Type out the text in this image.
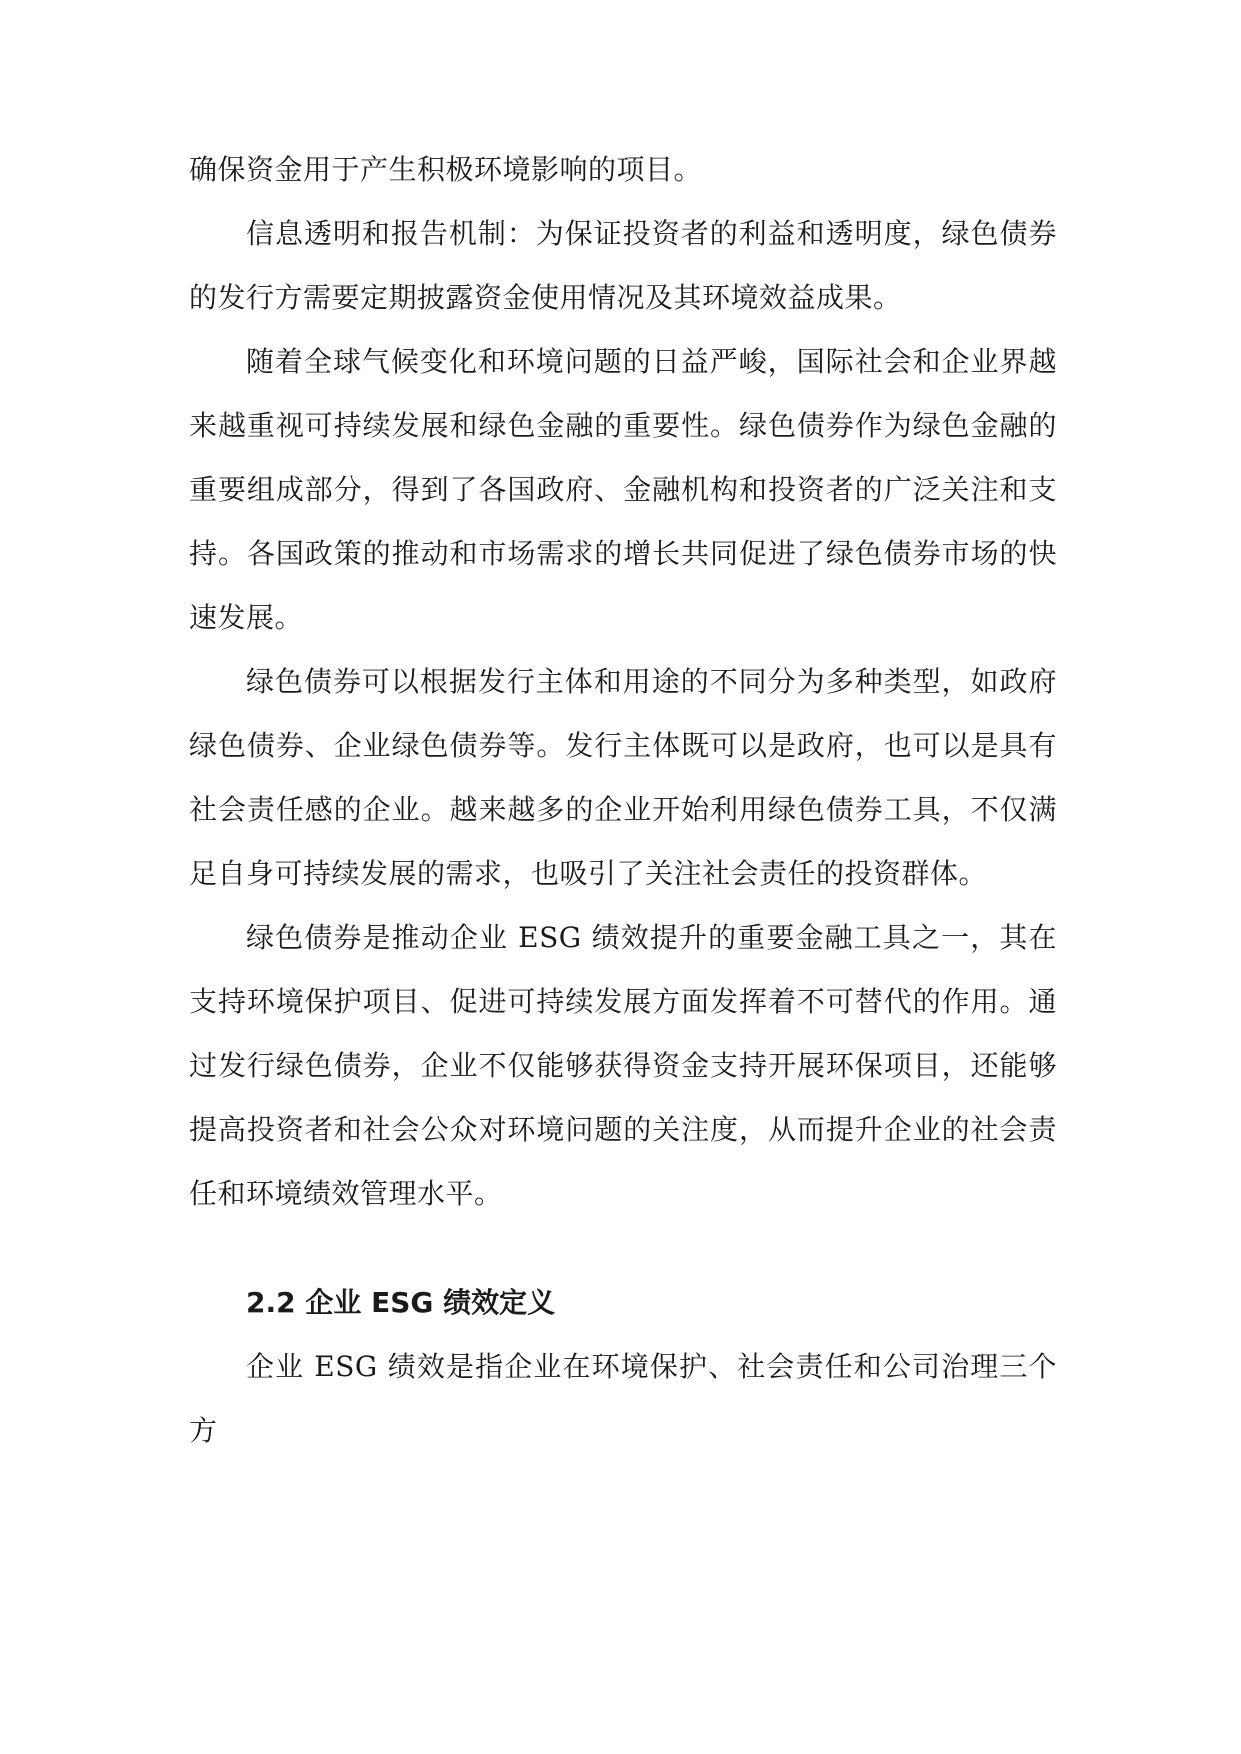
确保资金用于产生积极环境影响的项目。

信息透明和报告机制：为保证投资者的利益和透明度，绿色债券的发行方需要定期披露资金使用情况及其环境效益成果。

随着全球气候变化和环境问题的日益严峻，国际社会和企业界越来越重视可持续发展和绿色金融的重要性。绿色债券作为绿色金融的重要组成部分，得到了各国政府、金融机构和投资者的广泛关注和支持。各国政策的推动和市场需求的增长共同促进了绿色债券市场的快速发展。

绿色债券可以根据发行主体和用途的不同分为多种类型，如政府绿色债券、企业绿色债券等。发行主体既可以是政府，也可以是具有社会责任感的企业。越来越多的企业开始利用绿色债券工具，不仅满足自身可持续发展的需求，也吸引了关注社会责任的投资群体。

绿色债券是推动企业 ESG 绩效提升的重要金融工具之一，其在支持环境保护项目、促进可持续发展方面发挥着不可替代的作用。通过发行绿色债券，企业不仅能够获得资金支持开展环保项目，还能够提高投资者和社会公众对环境问题的关注度，从而提升企业的社会责任和环境绩效管理水平。

2.2 企业 ESG 绩效定义

企业 ESG 绩效是指企业在环境保护、社会责任和公司治理三个方
